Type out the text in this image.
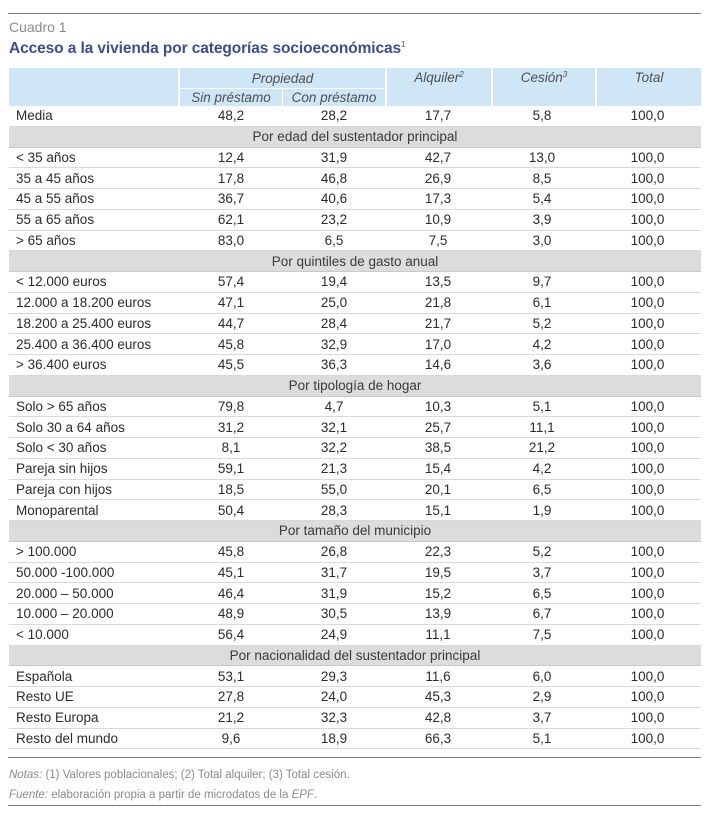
Cuadro 1
Acceso a la vivienda por categorías socioeconómicas$^1$
Propiedad
Sin préstamo	Con préstamo
Alquiler$^2$	Cesión$^3$	Total
Media	48,2	28,2	17,7	5,8	100,0
Por edad del sustentador principal
< 35 años	12,4	31,9	42,7	13,0	100,0
35 a 45 años	17,8	46,8	26,9	8,5	100,0
45 a 55 años	36,7	40,6	17,3	5,4	100,0
55 a 65 años	62,1	23,2	10,9	3,9	100,0
> 65 años	83,0	6,5	7,5	3,0	100,0
Por quintiles de gasto anual
< 12.000 euros	57,4	19,4	13,5	9,7	100,0
12.000 a 18.200 euros	47,1	25,0	21,8	6,1	100,0
18.200 a 25.400 euros	44,7	28,4	21,7	5,2	100,0
25.400 a 36.400 euros	45,8	32,9	17,0	4,2	100,0
> 36.400 euros	45,5	36,3	14,6	3,6	100,0
Por tipología de hogar
Solo > 65 años	79,8	4,7	10,3	5,1	100,0
Solo 30 a 64 años	31,2	32,1	25,7	11,1	100,0
Solo < 30 años	8,1	32,2	38,5	21,2	100,0
Pareja sin hijos	59,1	21,3	15,4	4,2	100,0
Pareja con hijos	18,5	55,0	20,1	6,5	100,0
Monoparental	50,4	28,3	15,1	1,9	100,0
Por tamaño del municipio
> 100.000	45,8	26,8	22,3	5,2	100,0
50.000 -100.000	45,1	31,7	19,5	3,7	100,0
20.000 – 50.000	46,4	31,9	15,2	6,5	100,0
10.000 – 20.000	48,9	30,5	13,9	6,7	100,0
< 10.000	56,4	24,9	11,1	7,5	100,0
Por nacionalidad del sustentador principal
Española	53,1	29,3	11,6	6,0	100,0
Resto UE	27,8	24,0	45,3	2,9	100,0
Resto Europa	21,2	32,3	42,8	3,7	100,0
Resto del mundo	9,6	18,9	66,3	5,1	100,0
Notas: (1) Valores poblacionales; (2) Total alquiler; (3) Total cesión.
Fuente: elaboración propia a partir de microdatos de la EPF.
